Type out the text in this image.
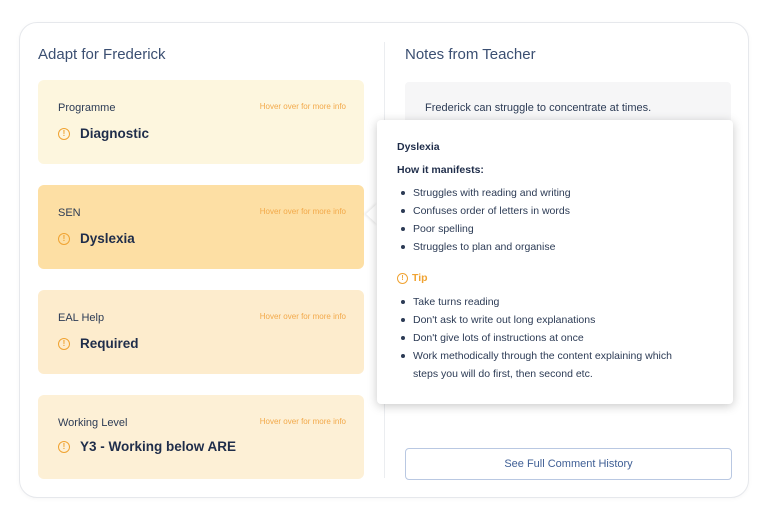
Adapt for Frederick	Notes from Teacher
Programme	Hover over for more info
!	Diagnostic
SEN	Hover over for more info
!	Dyslexia
EAL Help	Hover over for more info
!	Required
Working Level	Hover over for more info
!	Y3 - Working below ARE
Frederick can struggle to concentrate at times.
See Full Comment History
Dyslexia
How it manifests:
Struggles with reading and writing
Confuses order of letters in words
Poor spelling
Struggles to plan and organise
! Tip
Take turns reading
Don't ask to write out long explanations
Don't give lots of instructions at once
Work methodically through the content explaining which steps you will do first, then second etc.
